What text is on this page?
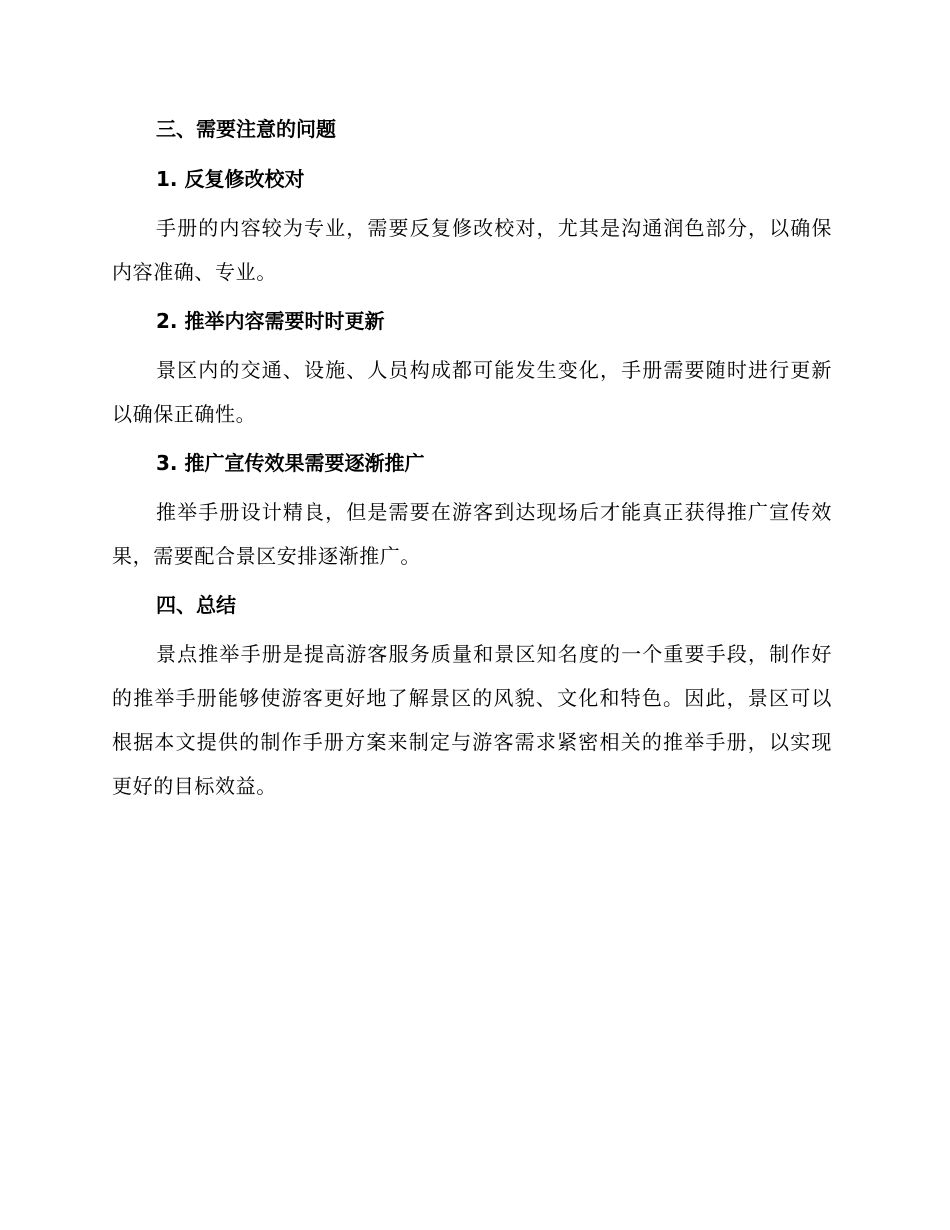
三、需要注意的问题
1. 反复修改校对

手册的内容较为专业，需要反复修改校对，尤其是沟通润色部分，以确保内容准确、专业。

2. 推举内容需要时时更新

景区内的交通、设施、人员构成都可能发生变化，手册需要随时进行更新以确保正确性。

3. 推广宣传效果需要逐渐推广

推举手册设计精良，但是需要在游客到达现场后才能真正获得推广宣传效果，需要配合景区安排逐渐推广。

四、总结

景点推举手册是提高游客服务质量和景区知名度的一个重要手段，制作好的推举手册能够使游客更好地了解景区的风貌、文化和特色。因此，景区可以根据本文提供的制作手册方案来制定与游客需求紧密相关的推举手册，以实现更好的目标效益。
